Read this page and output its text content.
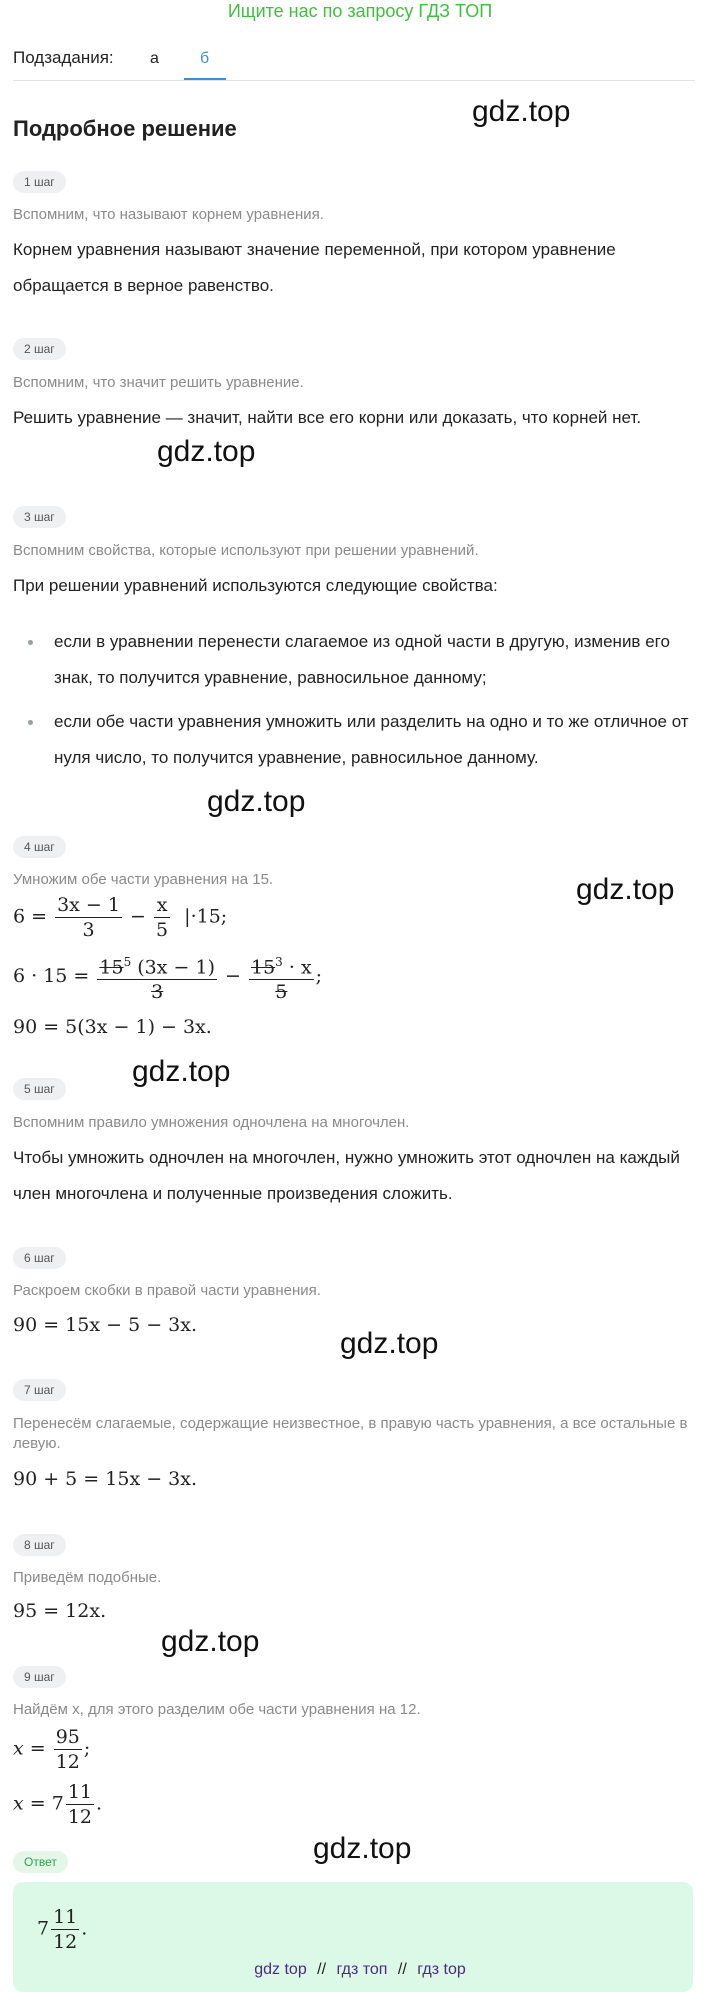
Ищите нас по запросу ГДЗ ТОП
Подзадания: а	б
Подробное решение
gdz.top
gdz.top
gdz.top
gdz.top
gdz.top
gdz.top
gdz.top
gdz.top
1 шаг
Вспомним, что называют корнем уравнения.
Корнем уравнения называют значение переменной, при котором уравнение обращается в верное равенство.
2 шаг
Вспомним, что значит решить уравнение.
Решить уравнение — значит, найти все его корни или доказать, что корней нет.
3 шаг
Вспомним свойства, которые используют при решении уравнений.
При решении уравнений используются следующие свойства:
если в уравнении перенести слагаемое из одной части в другую, изменив его знак, то получится уравнение, равносильное данному;
если обе части уравнения умножить или разделить на одно и то же отличное от нуля число, то получится уравнение, равносильное данному.
4 шаг
Умножим обе части уравнения на 15.
$6 = \frac{3x - 1}{3} - \frac{x}{5} |\cdot 15$;
$6 \cdot 15 = \frac{15^5 (3x - 1)}{3} - \frac{15^3 \cdot x}{5}$ ;
90 = 5(3x − 1) − 3x.
5 шаг
Вспомним правило умножения одночлена на многочлен.
Чтобы умножить одночлен на многочлен, нужно умножить этот одночлен на каждый член многочлена и полученные произведения сложить.
6 шаг
Раскроем скобки в правой части уравнения.
90 = 15x − 5 − 3x.
7 шаг
Перенесём слагаемые, содержащие неизвестное, в правую часть уравнения, а все остальные в левую.
90 + 5 = 15x − 3x.
8 шаг
Приведём подобные.
95 = 12x.
9 шаг
Найдём x, для этого разделим обе части уравнения на 12.
$x = \frac{95}{12}$ ;
$x = 7 \frac{11}{12}$ .
Ответ
$7 \frac{11}{12}$ .
gdz top // гдз топ // гдз top
